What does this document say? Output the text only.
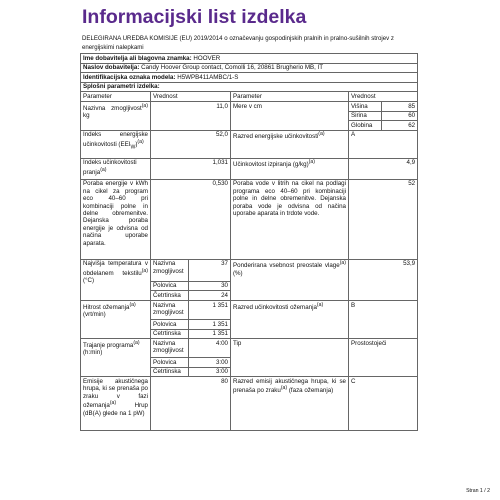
Informacijski list izdelka
DELEGIRANA UREDBA KOMISIJE (EU) 2019/2014 o označevanju gospodinjskih pralnih in pralno-sušilnih strojev z energijskimi nalepkami
Ime dobavitelja ali blagovna znamka: HOOVER					
Naslov dobavitelja: Candy Hoover Group contact, Comolli 16, 20861 Brugherio MB, IT					
Identifikacijska oznaka modela: H5WPB411AMBC/1-S					
Splošni parametri izdelka:					
Parameter	Vrednost		Parameter	Vrednost	
Nazivna zmogljivost$^{(a)}$ kg	11,0		Mere v cm	Višina	85
				Širina	60
				Globina	62
Indeks energijske učinkovitosti $(EEI_W)^{(a)}$	52,0		Razred energijske učinkovitosti$^{(a)}$	A	
Indeks učinkovitosti pranja$^{(a)}$	1,031		Učinkovitost izpiranja $(g/kg)^{(a)}$	4,9	
Poraba energije v kWh na cikel za program eco 40–60 pri kombinaciji polne in delne obremenitve. Dejanska poraba energije je odvisna od načina uporabe aparata.	0,530		Poraba vode v litrih na cikel na podlagi programa eco 40–60 pri kombinaciji polne in delne obremenitve. Dejanska poraba vode je odvisna od načina uporabe aparata in trdote vode.	52	
Najvišja temperatura v obdelanem tekstilu$^{(a)}$ (°C)	Nazivna zmogljivost	37	Ponderirana vsebnost preostale vlage$^{(a)}$ (%)	53,9	
	Polovica	30			
	Četrtinska	24			
Hitrost ožemanja$^{(a)}$
(vrt/min)	Nazivna zmogljivost	1 351	Razred učinkovitosti ožemanja$^{(a)}$	B	
	Polovica	1 351			
	Četrtinska	1 351			
Trajanje programa$^{(a)}$
(h:min)	Nazivna zmogljivost	4:00	Tip	Prostostoječi	
	Polovica	3:00			
	Četrtinska	3:00			
Emisije akustičnega hrupa, ki se prenaša po zraku v fazi ožemanja$^{(a)}$ Hrup (dB(A) glede na 1 pW)	80		Razred emisij akustičnega hrupa, ki se prenaša po zraku$^{(a)}$ (faza ožemanja)	C	
Stran 1 / 2
